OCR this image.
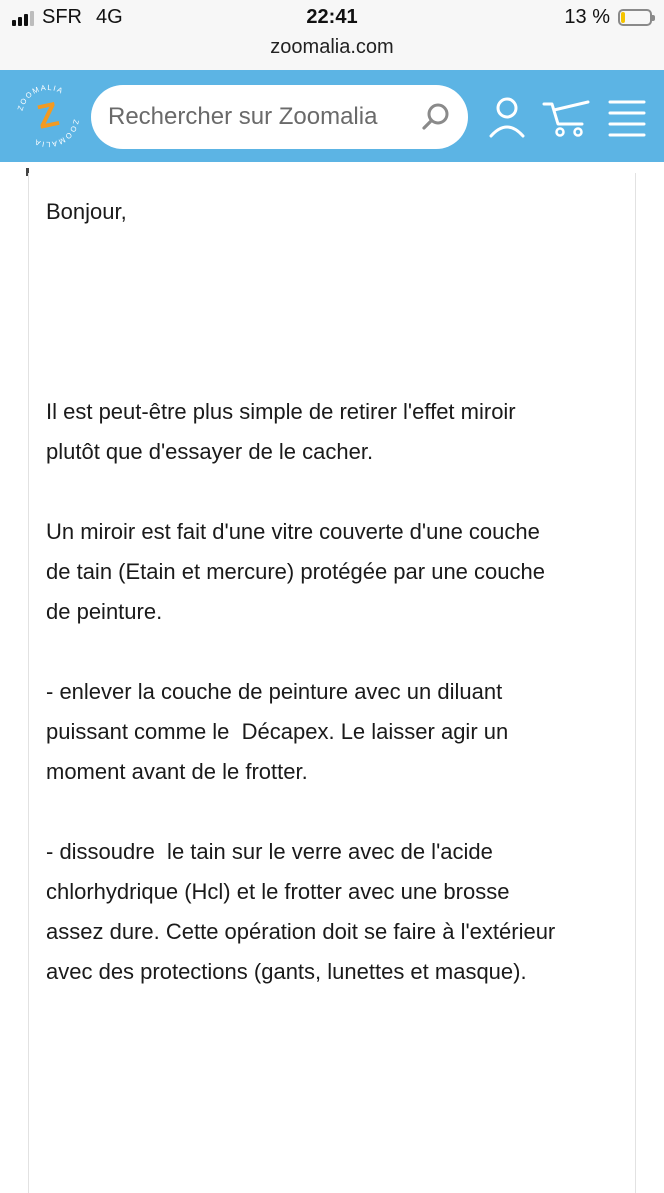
SFR 4G	22:41	13 %
zoomalia.com
ZOOMALIA
ZOOMALIA
Z
Rechercher sur Zoomalia

Bonjour,

Il est peut-être plus simple de retirer l'effet miroir
plutôt que d'essayer de le cacher.

Un miroir est fait d'une vitre couverte d'une couche
de tain (Etain et mercure) protégée par une couche
de peinture.

- enlever la couche de peinture avec un diluant
puissant comme le  Décapex. Le laisser agir un
moment avant de le frotter.

- dissoudre  le tain sur le verre avec de l'acide
chlorhydrique (Hcl) et le frotter avec une brosse
assez dure. Cette opération doit se faire à l'extérieur
avec des protections (gants, lunettes et masque).
